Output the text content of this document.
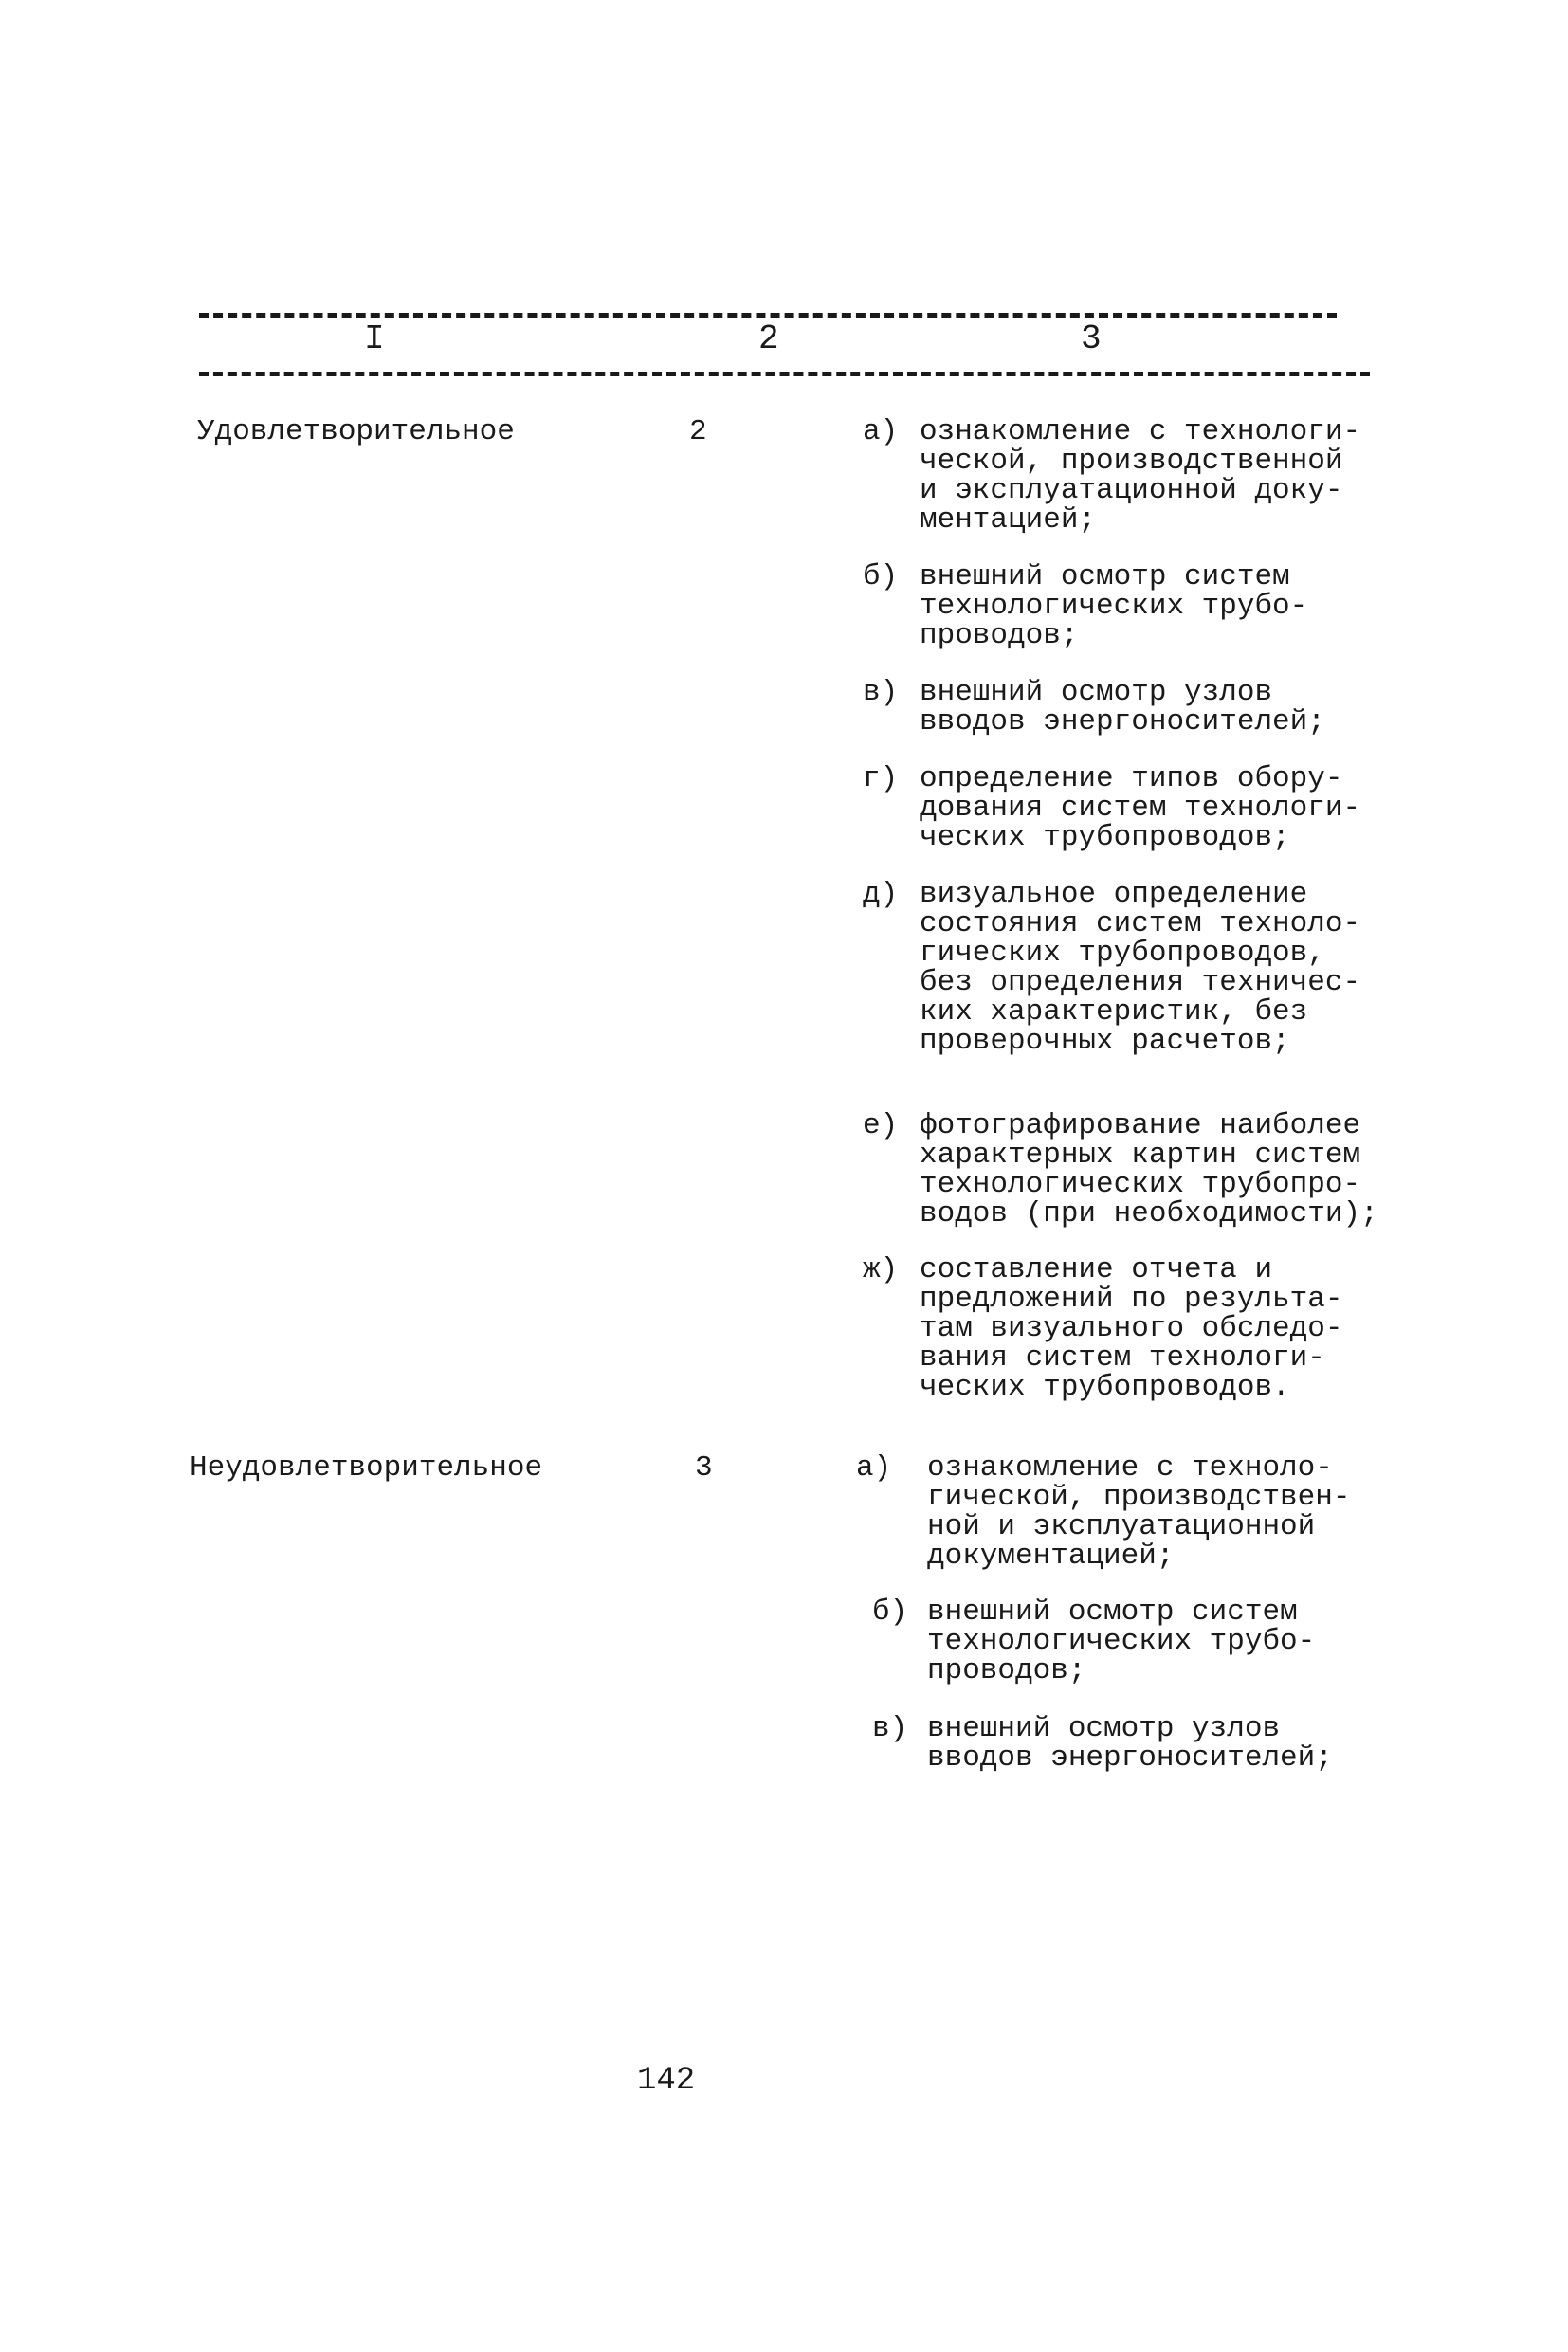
I	2	3
Удовлетворительное	2	а) ознакомление с технологи-
ческой, производственной
и эксплуатационной доку-
ментацией;
б) внешний осмотр систем
технологических трубо-
проводов;
в) внешний осмотр узлов
вводов энергоносителей;
г) определение типов обору-
дования систем технологи-
ческих трубопроводов;
д) визуальное определение
состояния систем техноло-
гических трубопроводов,
без определения техничес-
ких характеристик, без
проверочных расчетов;
е) фотографирование наиболее
характерных картин систем
технологических трубопро-
водов (при необходимости);
ж) составление отчета и
предложений по результа-
там визуального обследо-
вания систем технологи-
ческих трубопроводов.
Неудовлетворительное	3	а) ознакомление с техноло-
гической, производствен-
ной и эксплуатационной
документацией;
б) внешний осмотр систем
технологических трубо-
проводов;
в) внешний осмотр узлов
вводов энергоносителей;
142
